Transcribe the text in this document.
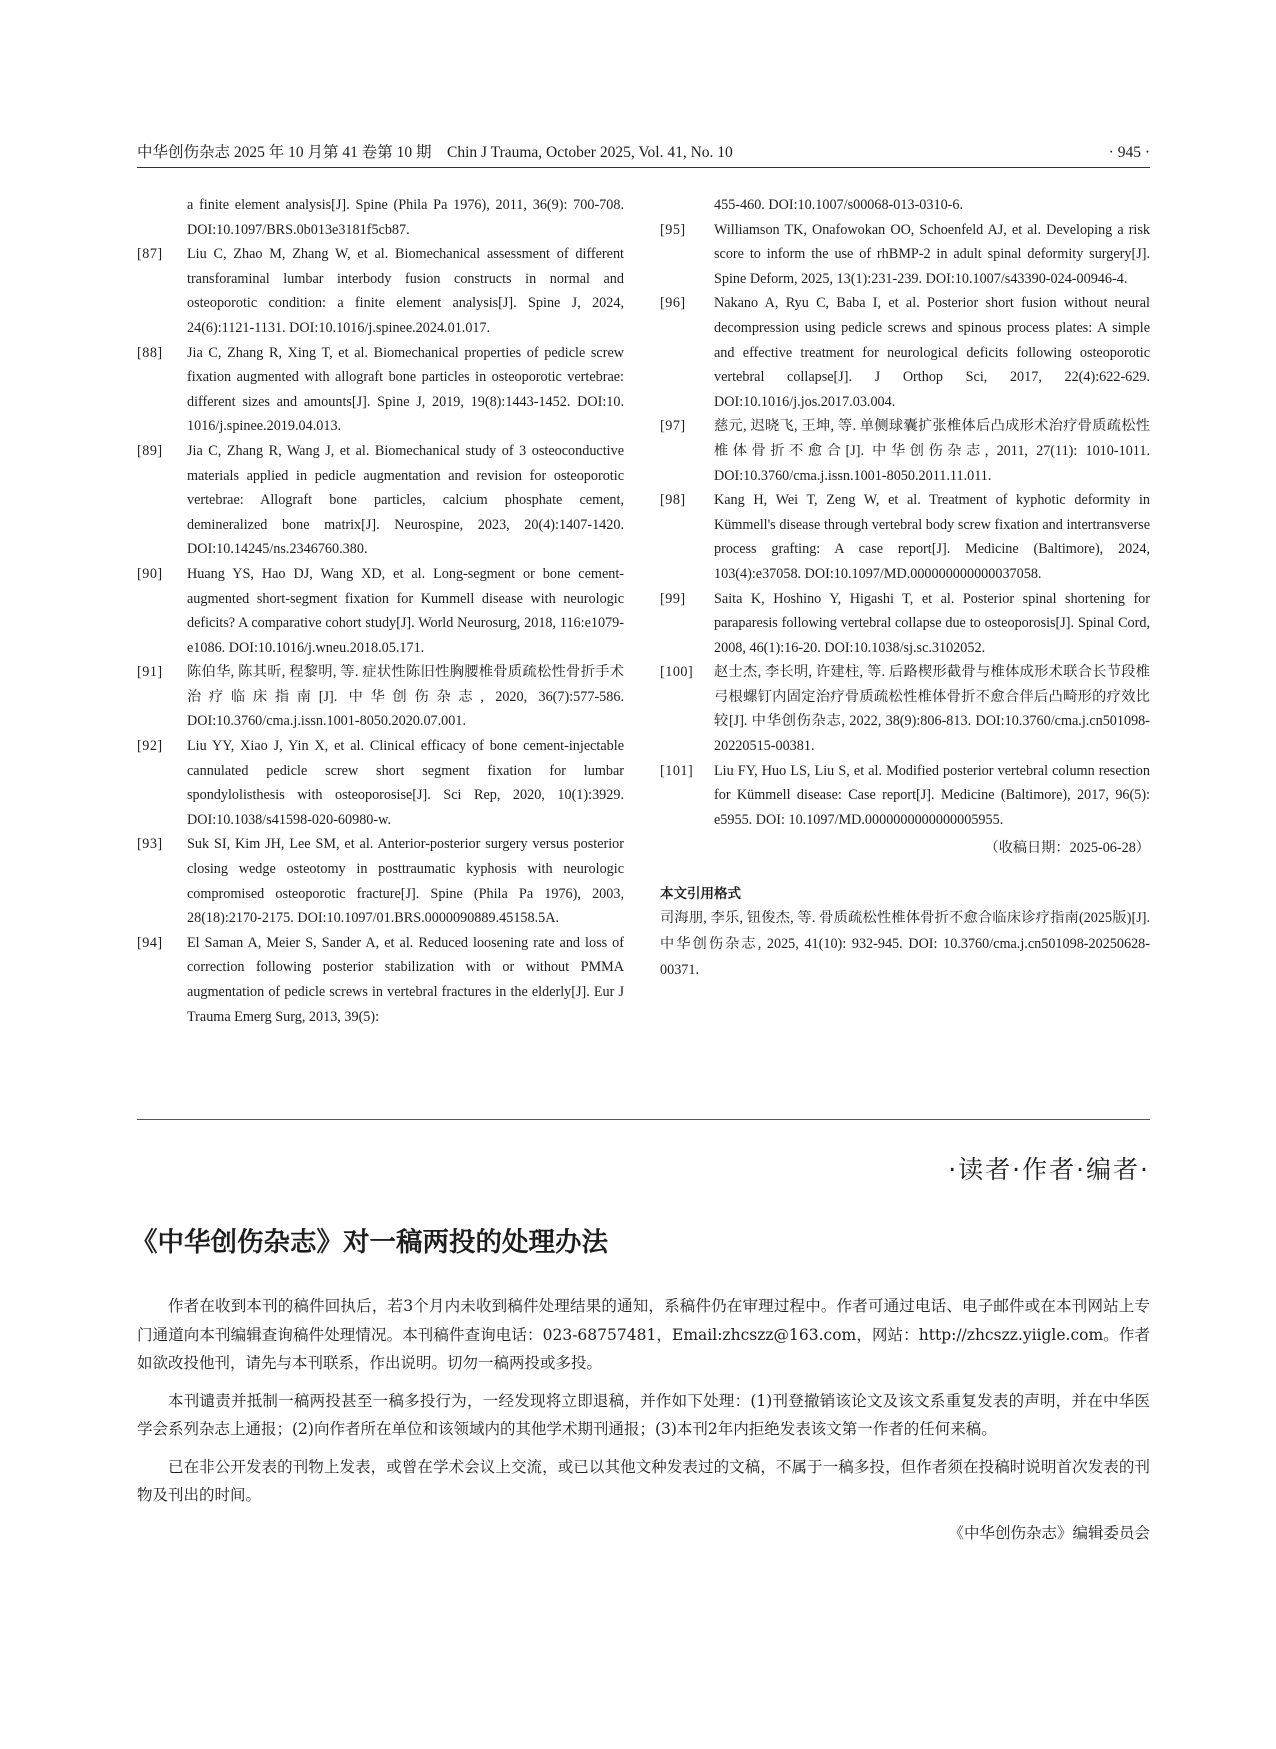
中华创伤杂志 2025 年 10 月第 41 卷第 10 期　Chin J Trauma, October 2025, Vol. 41, No. 10	· 945 ·
a finite element analysis[J]. Spine (Phila Pa 1976), 2011, 36(9): 700-708. DOI:10.1097/BRS.0b013e3181f5cb87.
[87] Liu C, Zhao M, Zhang W, et al. Biomechanical assessment of different transforaminal lumbar interbody fusion constructs in normal and osteoporotic condition: a finite element analysis[J]. Spine J, 2024, 24(6):1121-1131. DOI:10.1016/j.spinee.2024.01.017.
[88] Jia C, Zhang R, Xing T, et al. Biomechanical properties of pedicle screw fixation augmented with allograft bone particles in osteoporotic vertebrae: different sizes and amounts[J]. Spine J, 2019, 19(8):1443-1452. DOI:10. 1016/j.spinee.2019.04.013.
[89] Jia C, Zhang R, Wang J, et al. Biomechanical study of 3 osteoconductive materials applied in pedicle augmentation and revision for osteoporotic vertebrae: Allograft bone particles, calcium phosphate cement, demineralized bone matrix[J]. Neurospine, 2023, 20(4):1407-1420. DOI:10.14245/ns.2346760.380.
[90] Huang YS, Hao DJ, Wang XD, et al. Long-segment or bone cement-augmented short-segment fixation for Kummell disease with neurologic deficits? A comparative cohort study[J]. World Neurosurg, 2018, 116:e1079-e1086. DOI:10.1016/j.wneu.2018.05.171.
[91] 陈伯华, 陈其昕, 程黎明, 等. 症状性陈旧性胸腰椎骨质疏松性骨折手术治疗临床指南[J]. 中华创伤杂志, 2020, 36(7):577-586. DOI:10.3760/cma.j.issn.1001-8050.2020.07.001.
[92] Liu YY, Xiao J, Yin X, et al. Clinical efficacy of bone cement-injectable cannulated pedicle screw short segment fixation for lumbar spondylolisthesis with osteoporosise[J]. Sci Rep, 2020, 10(1):3929. DOI:10.1038/s41598-020-60980-w.
[93] Suk SI, Kim JH, Lee SM, et al. Anterior-posterior surgery versus posterior closing wedge osteotomy in posttraumatic kyphosis with neurologic compromised osteoporotic fracture[J]. Spine (Phila Pa 1976), 2003, 28(18):2170-2175. DOI:10.1097/01.BRS.0000090889.45158.5A.
[94] El Saman A, Meier S, Sander A, et al. Reduced loosening rate and loss of correction following posterior stabilization with or without PMMA augmentation of pedicle screws in vertebral fractures in the elderly[J]. Eur J Trauma Emerg Surg, 2013, 39(5):
455-460. DOI:10.1007/s00068-013-0310-6.
[95] Williamson TK, Onafowokan OO, Schoenfeld AJ, et al. Developing a risk score to inform the use of rhBMP-2 in adult spinal deformity surgery[J]. Spine Deform, 2025, 13(1):231-239. DOI:10.1007/s43390-024-00946-4.
[96] Nakano A, Ryu C, Baba I, et al. Posterior short fusion without neural decompression using pedicle screws and spinous process plates: A simple and effective treatment for neurological deficits following osteoporotic vertebral collapse[J]. J Orthop Sci, 2017, 22(4):622-629. DOI:10.1016/j.jos.2017.03.004.
[97] 慈元, 迟晓飞, 王坤, 等. 单侧球囊扩张椎体后凸成形术治疗骨质疏松性椎体骨折不愈合[J]. 中华创伤杂志, 2011, 27(11): 1010-1011. DOI:10.3760/cma.j.issn.1001-8050.2011.11.011.
[98] Kang H, Wei T, Zeng W, et al. Treatment of kyphotic deformity in Kümmell's disease through vertebral body screw fixation and intertransverse process grafting: A case report[J]. Medicine (Baltimore), 2024, 103(4):e37058. DOI:10.1097/MD.000000000000037058.
[99] Saita K, Hoshino Y, Higashi T, et al. Posterior spinal shortening for paraparesis following vertebral collapse due to osteoporosis[J]. Spinal Cord, 2008, 46(1):16-20. DOI:10.1038/sj.sc.3102052.
[100] 赵士杰, 李长明, 许建柱, 等. 后路楔形截骨与椎体成形术联合长节段椎弓根螺钉内固定治疗骨质疏松性椎体骨折不愈合伴后凸畸形的疗效比较[J]. 中华创伤杂志, 2022, 38(9):806-813. DOI:10.3760/cma.j.cn501098-20220515-00381.
[101] Liu FY, Huo LS, Liu S, et al. Modified posterior vertebral column resection for Kümmell disease: Case report[J]. Medicine (Baltimore), 2017, 96(5): e5955. DOI: 10.1097/MD.0000000000000005955.
（收稿日期：2025-06-28）
本文引用格式
司海朋, 李乐, 钮俊杰, 等. 骨质疏松性椎体骨折不愈合临床诊疗指南(2025版)[J]. 中华创伤杂志, 2025, 41(10): 932-945. DOI: 10.3760/cma.j.cn501098-20250628-00371.
·读者·作者·编者·
《中华创伤杂志》对一稿两投的处理办法

作者在收到本刊的稿件回执后，若3个月内未收到稿件处理结果的通知，系稿件仍在审理过程中。作者可通过电话、电子邮件或在本刊网站上专门通道向本刊编辑查询稿件处理情况。本刊稿件查询电话：023-68757481，Email:zhcszz@163.com，网站：http://zhcszz.yiigle.com。作者如欲改投他刊，请先与本刊联系，作出说明。切勿一稿两投或多投。

本刊谴责并抵制一稿两投甚至一稿多投行为，一经发现将立即退稿，并作如下处理：(1)刊登撤销该论文及该文系重复发表的声明，并在中华医学会系列杂志上通报；(2)向作者所在单位和该领域内的其他学术期刊通报；(3)本刊2年内拒绝发表该文第一作者的任何来稿。

已在非公开发表的刊物上发表，或曾在学术会议上交流，或已以其他文种发表过的文稿，不属于一稿多投，但作者须在投稿时说明首次发表的刊物及刊出的时间。

《中华创伤杂志》编辑委员会
